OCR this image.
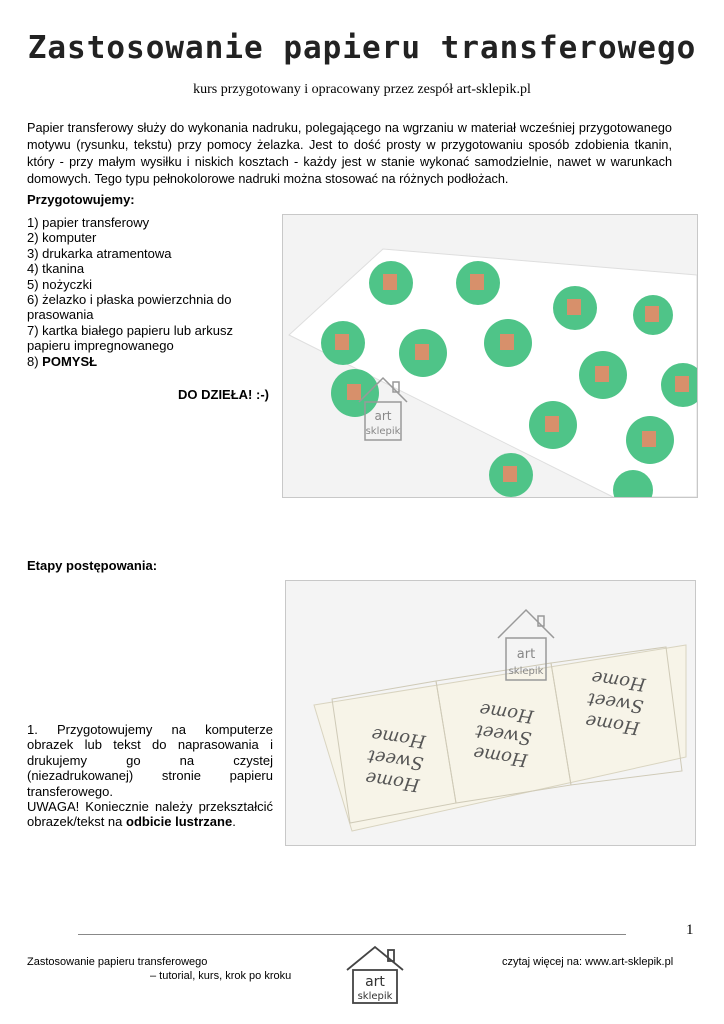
Zastosowanie papieru transferowego
kurs przygotowany i opracowany przez zespół art-sklepik.pl
Papier transferowy służy do wykonania nadruku, polegającego na wgrzaniu w materiał wcześniej przygotowanego motywu (rysunku, tekstu) przy pomocy żelazka. Jest to dość prosty w przygotowaniu sposób zdobienia tkanin, który - przy małym wysiłku i niskich kosztach - każdy jest w stanie wykonać samodzielnie, nawet w warunkach domowych. Tego typu pełnokolorowe nadruki można stosować na różnych podłożach.
Przygotowujemy:
1) papier transferowy
2) komputer
3) drukarka atramentowa
4) tkanina
5) nożyczki
6) żelazko i płaska powierzchnia do prasowania
7) kartka białego papieru lub arkusz papieru impregnowanego
8) POMYSŁ
DO DZIEŁA! :-)
art
sklepik
Etapy postępowania:
Home
Sweet
Home
Home
Sweet
Home	Home
Sweet
Home
art
sklepik
1. Przygotowujemy na komputerze obrazek lub tekst do naprasowania i drukujemy go na czystej (niezadrukowanej) stronie papieru transferowego.
UWAGA! Koniecznie należy przekształcić obrazek/tekst na odbicie lustrzane.
1
Zastosowanie papieru transferowego
– tutorial, kurs, krok po kroku
czytaj więcej na: www.art-sklepik.pl
art
sklepik
